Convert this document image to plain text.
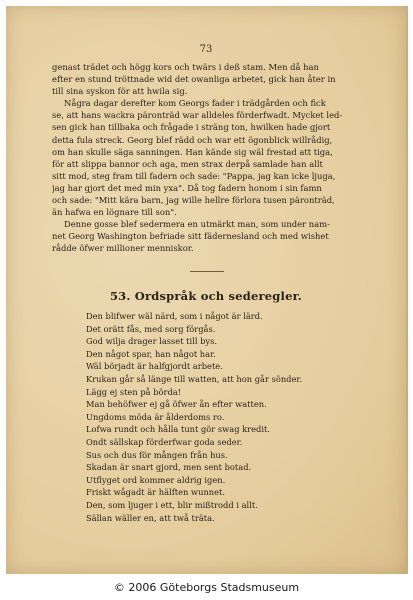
73
genast trädet och högg kors och twärs i deß stam. Men då han
efter en stund tröttnade wid det owanliga arbetet, gick han åter in
till sina syskon för att hwila sig.
Några dagar derefter kom Georgs fader i trädgården och fick
se, att hans wackra päronträd war alldeles förderfwadt. Mycket led-
sen gick han tillbaka och frågade i sträng ton, hwilken hade gjort
detta fula streck. Georg blef rädd och war ett ögonblick willrådig,
om han skulle säga sanningen. Han kände sig wäl frestad att tiga,
för att slippa bannor och aga, men strax derpå samlade han allt
sitt mod, steg fram till fadern och sade: "Pappa, jag kan icke ljuga,
jag har gjort det med min yxa". Då tog fadern honom i sin famn
och sade: "Mitt kära barn, jag wille hellre förlora tusen päronträd,
än hafwa en lögnare till son".
Denne gosse blef sedermera en utmärkt man, som under nam-
net Georg Washington befriade sitt fädernesland och med wishet
rådde öfwer millioner menniskor.
53. Ordspråk och sederegler.
Den blifwer wäl närd, som i något är lärd.
Det orätt fås, med sorg förgås.
God wilja drager lasset till bys.
Den något spar, han något har.
Wäl börjadt är halfgjordt arbete.
Krukan går så länge till watten, att hon går sönder.
Lägg ej sten på börda!
Man behöfwer ej gå öfwer ån efter watten.
Ungdoms möda är ålderdoms ro.
Lofwa rundt och hålla tunt gör swag kredit.
Ondt sällskap förderfwar goda seder.
Sus och dus för mången från hus.
Skadan är snart gjord, men sent botad.
Utflyget ord kommer aldrig igen.
Friskt wågadt är hälften wunnet.
Den, som ljuger i ett, blir mißtrodd i allt.
Sällan wäller en, att twå träta.
© 2006 Göteborgs Stadsmuseum
